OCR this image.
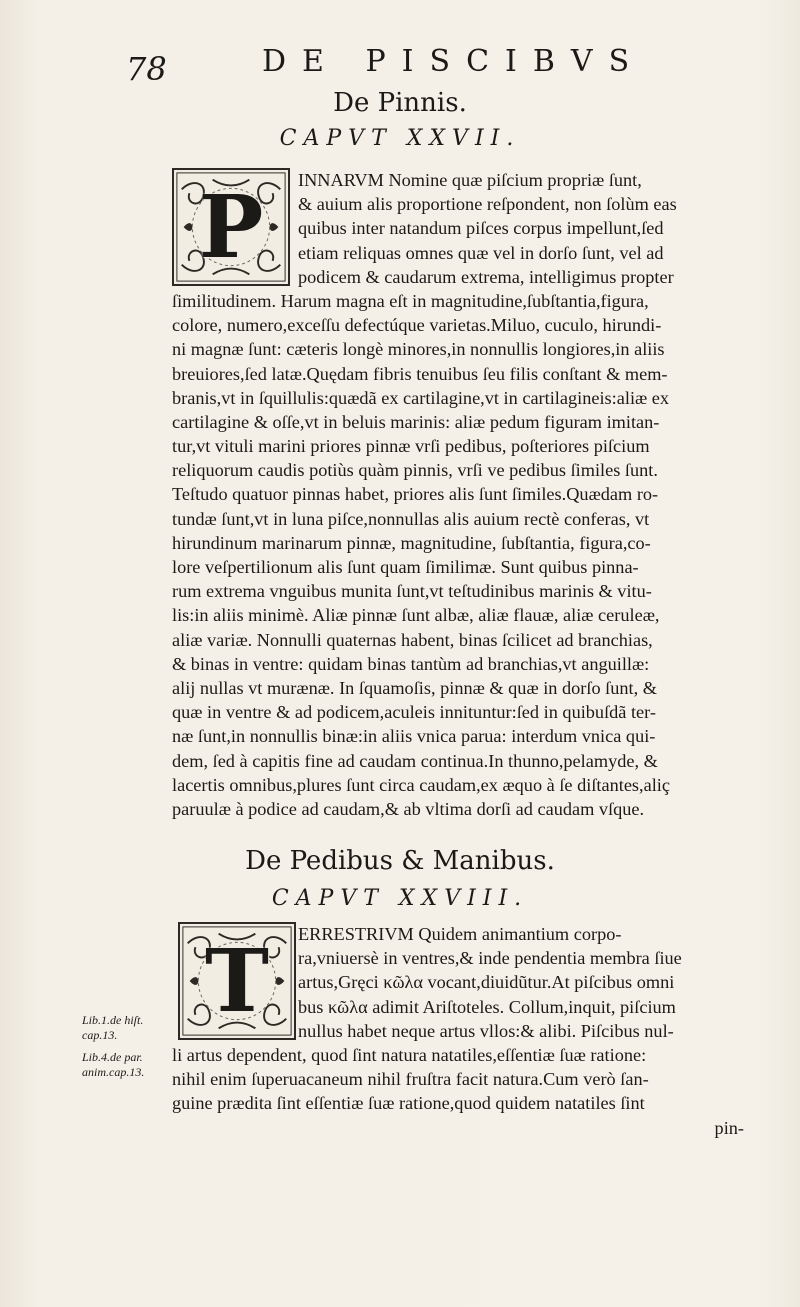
78	DE PISCIBVS
De Pinnis.
CAPVT XXVII.
P	INNARVM Nomine quæ piſcium propriæ ſunt,
& auium alis proportione reſpondent, non ſolùm eas
quibus inter natandum piſces corpus impellunt,ſed
etiam reliquas omnes quæ vel in dorſo ſunt, vel ad
podicem & caudarum extrema, intelligimus propter
ſimilitudinem. Harum magna eſt in magnitudine,ſubſtantia,figura,
colore, numero,exceſſu defectúque varietas.Miluo, cuculo, hirundi-
ni magnæ ſunt: cæteris longè minores,in nonnullis longiores,in aliis
breuiores,ſed latæ.Quędam fibris tenuibus ſeu filis conſtant & mem-
branis,vt in ſquillulis:quædã ex cartilagine,vt in cartilagineis:aliæ ex
cartilagine & oſſe,vt in beluis marinis: aliæ pedum figuram imitan-
tur,vt vituli marini priores pinnæ vrſi pedibus, poſteriores piſcium
reliquorum caudis potiùs quàm pinnis, vrſi ve pedibus ſimiles ſunt.
Teſtudo quatuor pinnas habet, priores alis ſunt ſimiles.Quædam ro-
tundæ ſunt,vt in luna piſce,nonnullas alis auium rectè conferas, vt
hirundinum marinarum pinnæ, magnitudine, ſubſtantia, figura,co-
lore veſpertilionum alis ſunt quam ſimilimæ. Sunt quibus pinna-
rum extrema vnguibus munita ſunt,vt teſtudinibus marinis & vitu-
lis:in aliis minimè. Aliæ pinnæ ſunt albæ, aliæ flauæ, aliæ ceruleæ,
aliæ variæ. Nonnulli quaternas habent, binas ſcilicet ad branchias,
& binas in ventre: quidam binas tantùm ad branchias,vt anguillæ:
alij nullas vt murænæ. In ſquamoſis, pinnæ & quæ in dorſo ſunt, &
quæ in ventre & ad podicem,aculeis innituntur:ſed in quibuſdã ter-
næ ſunt,in nonnullis binæ:in aliis vnica parua: interdum vnica qui-
dem, ſed à capitis fine ad caudam continua.In thunno,pelamyde, &
lacertis omnibus,plures ſunt circa caudam,ex æquo à ſe diſtantes,aliç
paruulæ à podice ad caudam,& ab vltima dorſi ad caudam vſque.
De Pedibus & Manibus.
CAPVT XXVIII.
T	ERRESTRIVM Quidem animantium corpo-
ra,vniuersè in ventres,& inde pendentia membra ſiue
artus,Gręci κῶλα vocant,diuidũtur.At piſcibus omni
bus κῶλα adimit Ariſtoteles. Collum,inquit, piſcium
nullus habet neque artus vllos:& alibi. Piſcibus nul-
li artus dependent, quod ſint natura natatiles,eſſentiæ ſuæ ratione:
nihil enim ſuperuacaneum nihil fruſtra facit natura.Cum verò ſan-
guine prædita ſint eſſentiæ ſuæ ratione,quod quidem natatiles ſint
pin-
Lib.1.de hiſt.
cap.13.
Lib.4.de par.
anim.cap.13.
